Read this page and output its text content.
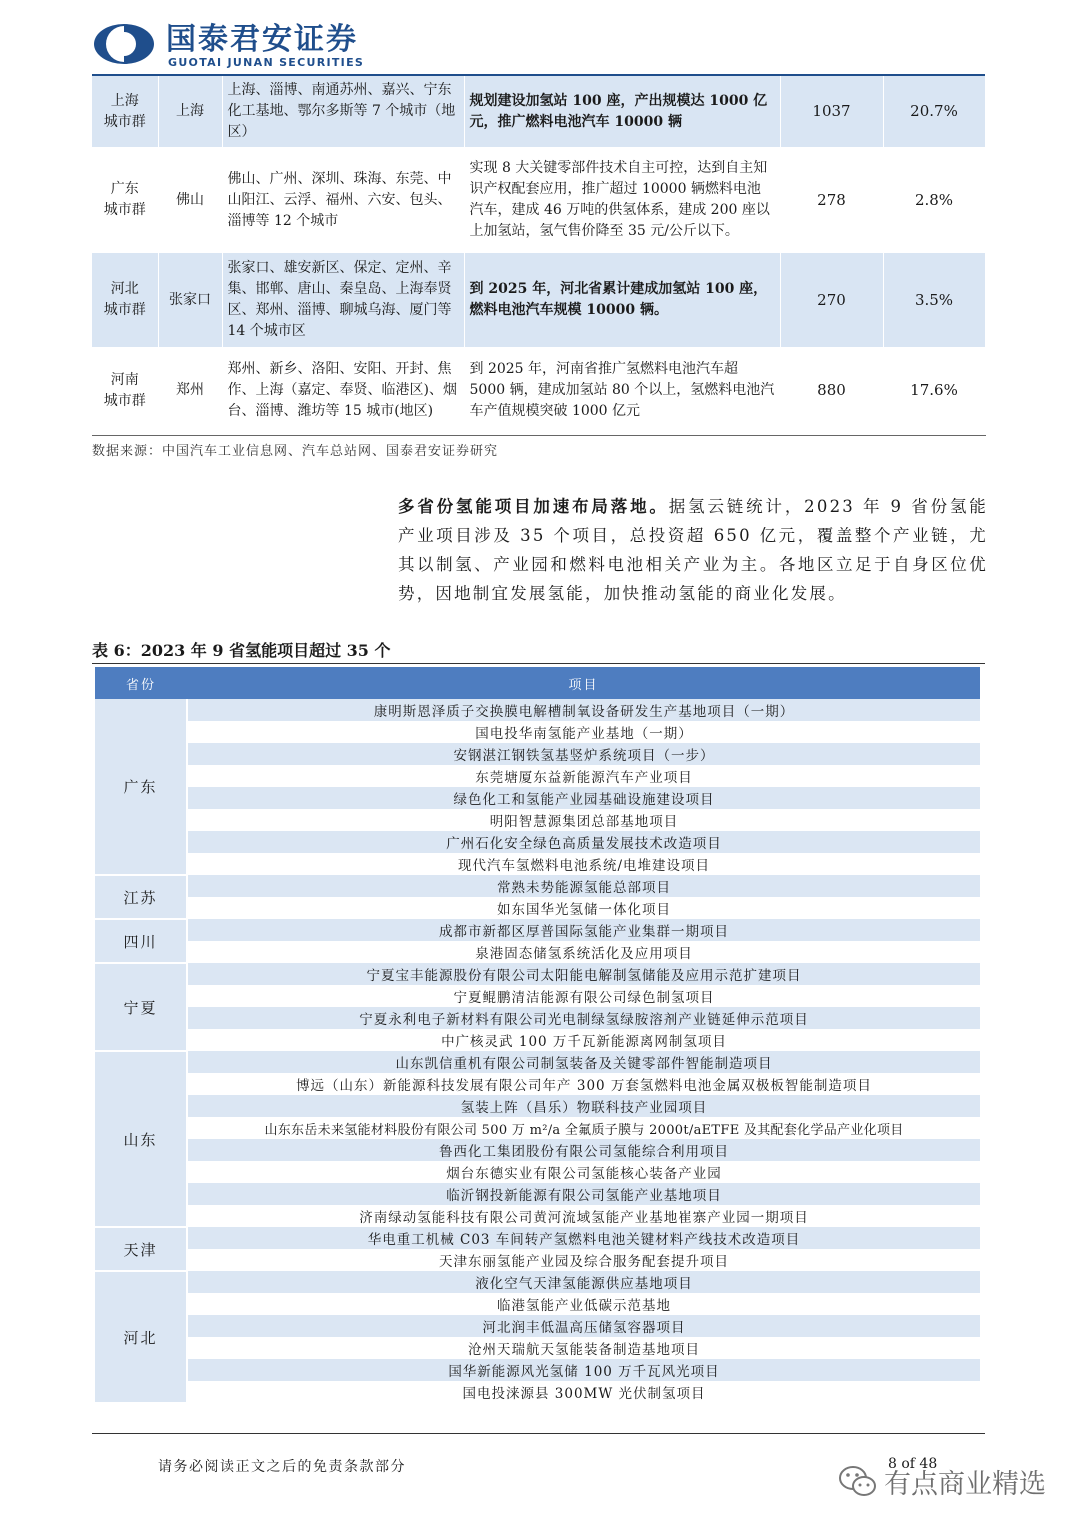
国泰君安证券
GUOTAI JUNAN SECURITIES
上海
城市群	上海	上海、淄博、南通苏州、嘉兴、宁东化工基地、鄂尔多斯等 7 个城市（地区）	规划建设加氢站 100 座，产出规模达 1000 亿元，推广燃料电池汽车 10000 辆	1037	20.7%
广东
城市群	佛山	佛山、广州、深圳、珠海、东莞、中山阳江、云浮、福州、六安、包头、淄博等 12 个城市	实现 8 大关键零部件技术自主可控，达到自主知识产权配套应用，推广超过 10000 辆燃料电池汽车，建成 46 万吨的供氢体系，建成 200 座以上加氢站，氢气售价降至 35 元/公斤以下。	278	2.8%
河北
城市群	张家口	张家口、雄安新区、保定、定州、辛集、邯郸、唐山、秦皇岛、上海奉贤区、郑州、淄博、聊城乌海、厦门等 14 个城市区	到 2025 年，河北省累计建成加氢站 100 座，燃料电池汽车规模 10000 辆。	270	3.5%
河南
城市群	郑州	郑州、新乡、洛阳、安阳、开封、焦作、上海（嘉定、奉贤、临港区)、烟台、淄博、潍坊等 15 城市(地区)	到 2025 年，河南省推广氢燃料电池汽车超 5000 辆，建成加氢站 80 个以上，氢燃料电池汽车产值规模突破 1000 亿元	880	17.6%
数据来源：中国汽车工业信息网、汽车总站网、国泰君安证券研究
多省份氢能项目加速布局落地。据氢云链统计，2023 年 9 省份氢能产业项目涉及 35 个项目，总投资超 650 亿元，覆盖整个产业链，尤其以制氢、产业园和燃料电池相关产业为主。各地区立足于自身区位优势，因地制宜发展氢能，加快推动氢能的商业化发展。
表 6：2023 年 9 省氢能项目超过 35 个
省份	项目
广东	康明斯恩泽质子交换膜电解槽制氧设备研发生产基地项目（一期）
	国电投华南氢能产业基地（一期）
	安钢湛江钢铁氢基竖炉系统项目（一步）
	东莞塘厦东益新能源汽车产业项目
	绿色化工和氢能产业园基础设施建设项目
	明阳智慧源集团总部基地项目
	广州石化安全绿色高质量发展技术改造项目
	现代汽车氢燃料电池系统/电堆建设项目
江苏	常熟未势能源氢能总部项目
	如东国华光氢储一体化项目
四川	成都市新都区厚普国际氢能产业集群一期项目
	泉港固态储氢系统活化及应用项目
宁夏	宁夏宝丰能源股份有限公司太阳能电解制氢储能及应用示范扩建项目
	宁夏鲲鹏清洁能源有限公司绿色制氢项目
	宁夏永利电子新材料有限公司光电制绿氢绿胺溶剂产业链延伸示范项目
	中广核灵武 100 万千瓦新能源离网制氢项目
山东	山东凯信重机有限公司制氢装备及关键零部件智能制造项目
	博远（山东）新能源科技发展有限公司年产 300 万套氢燃料电池金属双极板智能制造项目
	氢装上阵（昌乐）物联科技产业园项目
	山东东岳未来氢能材料股份有限公司 500 万 m²/a 全氟质子膜与 2000t/aETFE 及其配套化学品产业化项目
	鲁西化工集团股份有限公司氢能综合利用项目
	烟台东德实业有限公司氢能核心装备产业园
	临沂钢投新能源有限公司氢能产业基地项目
	济南绿动氢能科技有限公司黄河流域氢能产业基地崔寨产业园一期项目
天津	华电重工机械 C03 车间转产氢燃料电池关键材料产线技术改造项目
	天津东丽氢能产业园及综合服务配套提升项目
河北	液化空气天津氢能源供应基地项目
	临港氢能产业低碳示范基地
	河北润丰低温高压储氢容器项目
	沧州天瑞航天氢能装备制造基地项目
	国华新能源风光氢储 100 万千瓦风光项目
	国电投涞源县 300MW 光伏制氢项目
请务必阅读正文之后的免责条款部分	8 of 48
有点商业精选
